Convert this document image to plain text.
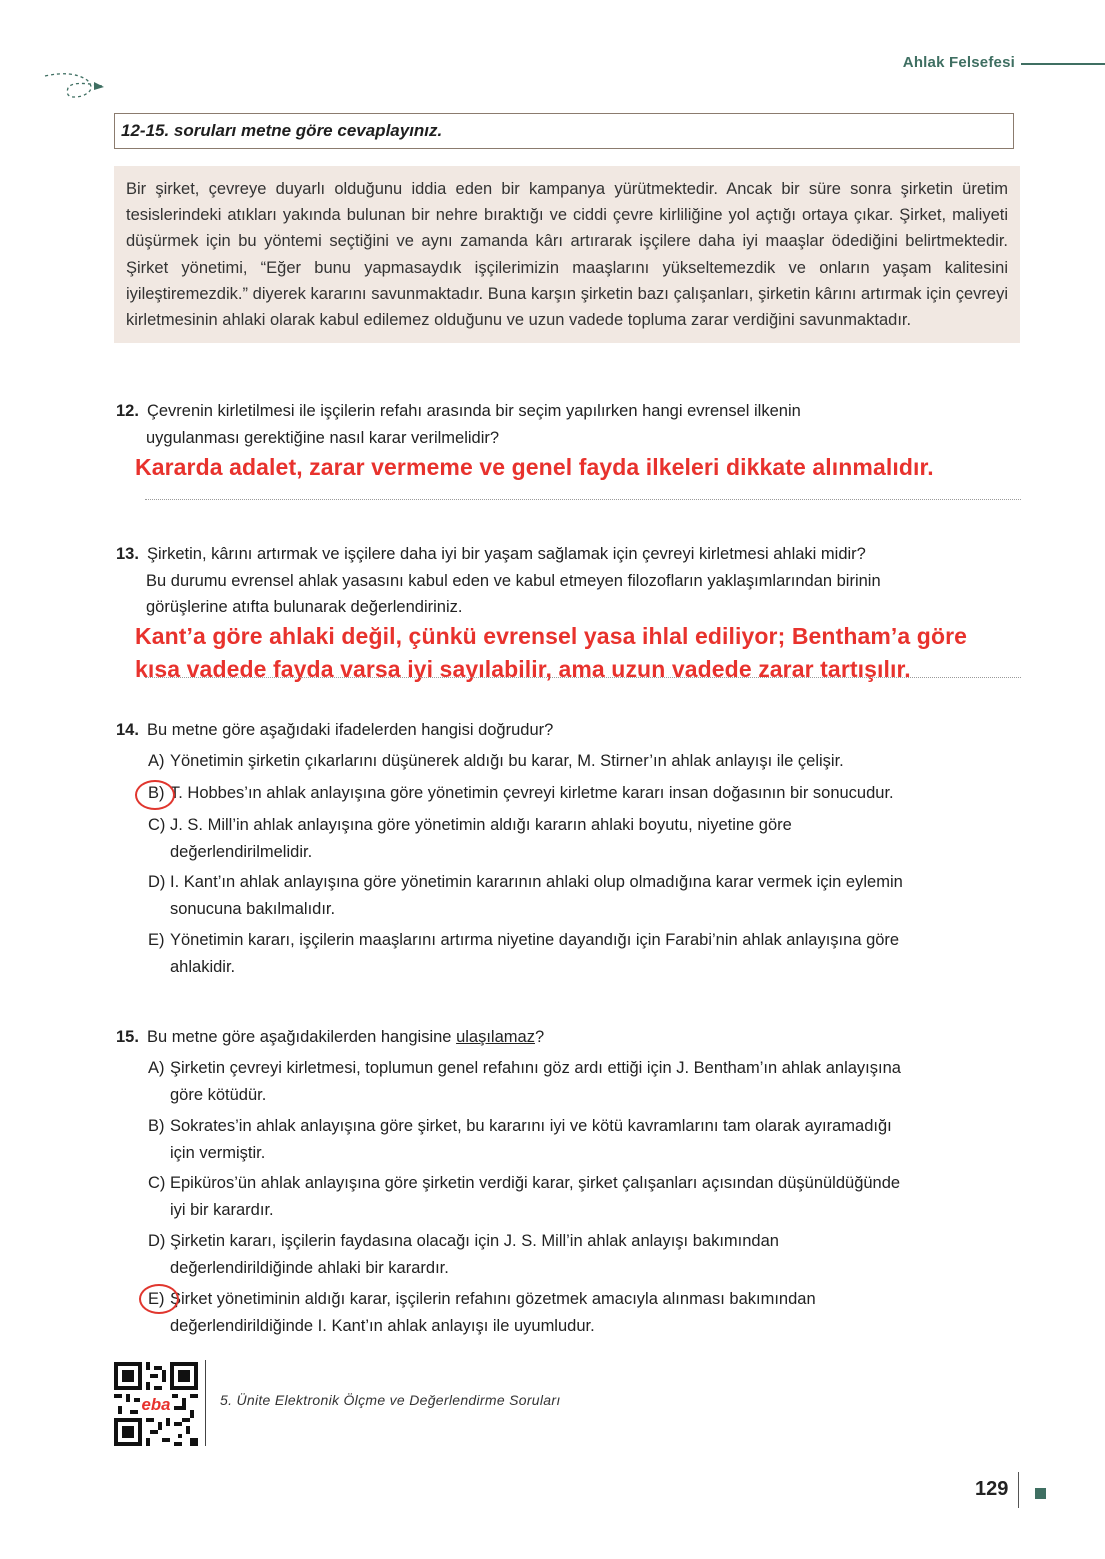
Ahlak Felsefesi
12-15. soruları metne göre cevaplayınız.
Bir şirket, çevreye duyarlı olduğunu iddia eden bir kampanya yürütmektedir. Ancak bir süre sonra şirketin üretim tesislerindeki atıkları yakında bulunan bir nehre bıraktığı ve ciddi çevre kirliliğine yol açtığı ortaya çıkar. Şirket, maliyeti düşürmek için bu yöntemi seçtiğini ve aynı zamanda kârı artırarak işçilere daha iyi maaşlar ödediğini belirtmektedir. Şirket yönetimi, “Eğer bunu yapmasaydık işçilerimizin maaşlarını yükseltemezdik ve onların yaşam kalitesini iyileştiremezdik.” diyerek kararını savunmaktadır. Buna karşın şirketin bazı çalışanları, şirketin kârını artırmak için çevreyi kirletmesinin ahlaki olarak kabul edilemez olduğunu ve uzun vadede topluma zarar verdiğini savunmaktadır.
12. Çevrenin kirletilmesi ile işçilerin refahı arasında bir seçim yapılırken hangi evrensel ilkenin
uygulanması gerektiğine nasıl karar verilmelidir?
Kararda adalet, zarar vermeme ve genel fayda ilkeleri dikkate alınmalıdır.
13. Şirketin, kârını artırmak ve işçilere daha iyi bir yaşam sağlamak için çevreyi kirletmesi ahlaki midir?
Bu durumu evrensel ahlak yasasını kabul eden ve kabul etmeyen filozofların yaklaşımlarından birinin
görüşlerine atıfta bulunarak değerlendiriniz.
Kant’a göre ahlaki değil, çünkü evrensel yasa ihlal ediliyor; Bentham’a göre
kısa vadede fayda varsa iyi sayılabilir, ama uzun vadede zarar tartışılır.
14. Bu metne göre aşağıdaki ifadelerden hangisi doğrudur?
A) Yönetimin şirketin çıkarlarını düşünerek aldığı bu karar, M. Stirner’ın ahlak anlayışı ile çelişir.
B) T. Hobbes’ın ahlak anlayışına göre yönetimin çevreyi kirletme kararı insan doğasının bir sonucudur.
C) J. S. Mill’in ahlak anlayışına göre yönetimin aldığı kararın ahlaki boyutu, niyetine göre
değerlendirilmelidir.
D) I. Kant’ın ahlak anlayışına göre yönetimin kararının ahlaki olup olmadığına karar vermek için eylemin
sonucuna bakılmalıdır.
E) Yönetimin kararı, işçilerin maaşlarını artırma niyetine dayandığı için Farabi’nin ahlak anlayışına göre
ahlakidir.
15. Bu metne göre aşağıdakilerden hangisine ulaşılamaz?
A) Şirketin çevreyi kirletmesi, toplumun genel refahını göz ardı ettiği için J. Bentham’ın ahlak anlayışına
göre kötüdür.
B) Sokrates’in ahlak anlayışına göre şirket, bu kararını iyi ve kötü kavramlarını tam olarak ayıramadığı
için vermiştir.
C) Epiküros’ün ahlak anlayışına göre şirketin verdiği karar, şirket çalışanları açısından düşünüldüğünde
iyi bir karardır.
D) Şirketin kararı, işçilerin faydasına olacağı için J. S. Mill’in ahlak anlayışı bakımından
değerlendirildiğinde ahlaki bir karardır.
E) Şirket yönetiminin aldığı karar, işçilerin refahını gözetmek amacıyla alınması bakımından
değerlendirildiğinde I. Kant’ın ahlak anlayışı ile uyumludur.
eba	5. Ünite Elektronik Ölçme ve Değerlendirme Soruları
129
